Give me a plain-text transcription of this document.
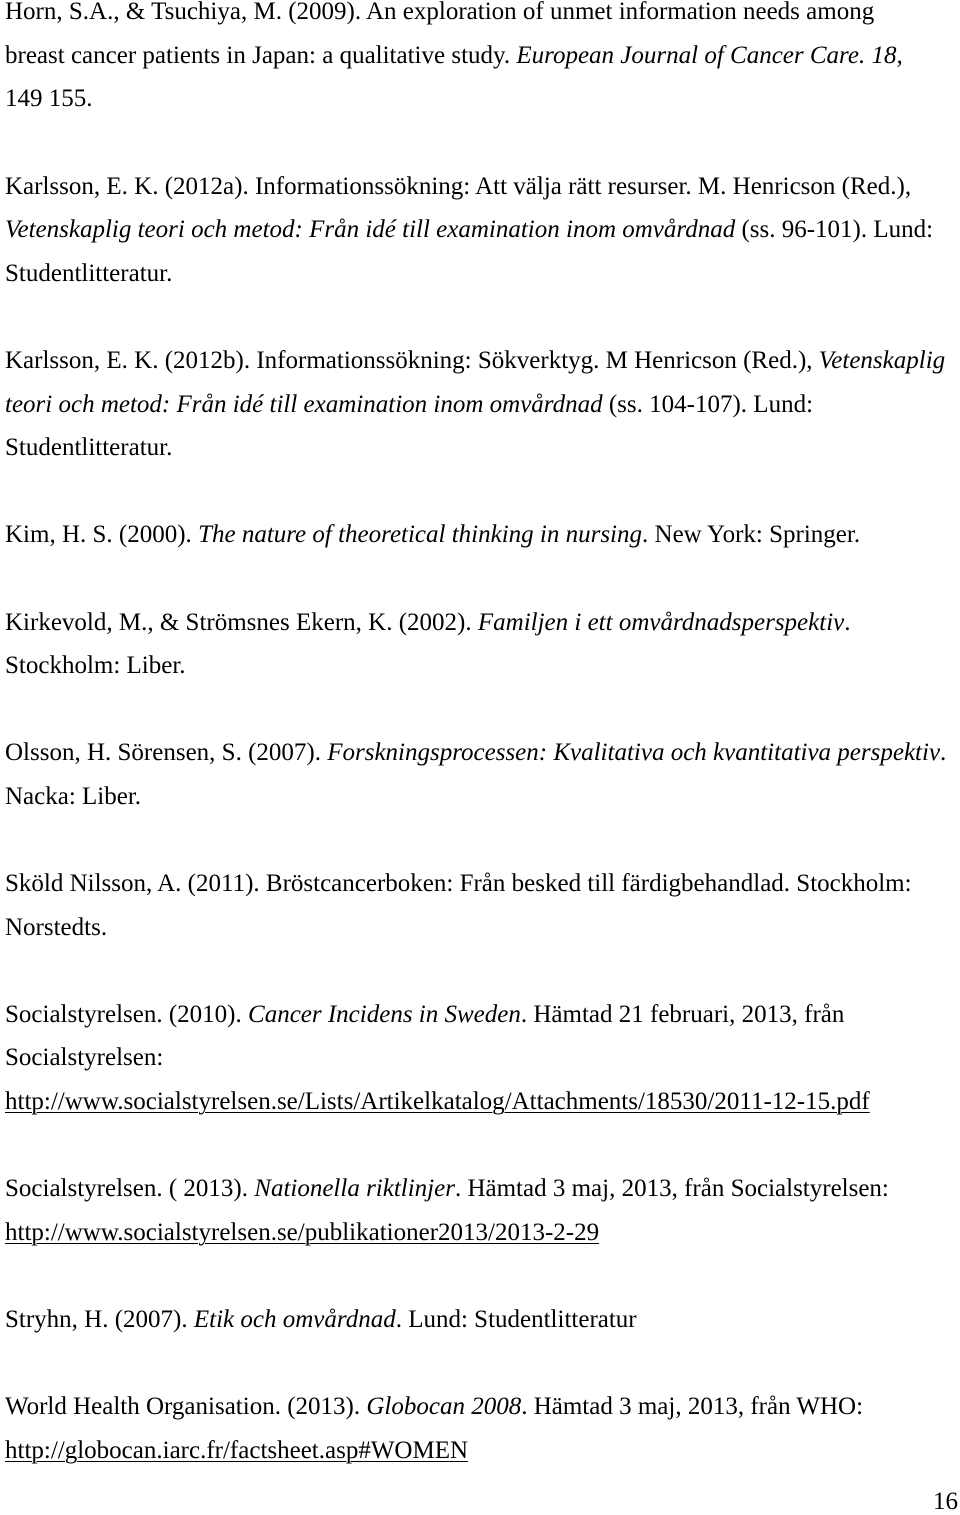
Horn, S.A., & Tsuchiya, M. (2009). An exploration of unmet information needs among
breast cancer patients in Japan: a qualitative study. European Journal of Cancer Care. 18,
149 155.
Karlsson, E. K. (2012a). Informationssökning: Att välja rätt resurser. M. Henricson (Red.),
Vetenskaplig teori och metod: Från idé till examination inom omvårdnad (ss. 96-101). Lund:
Studentlitteratur.
Karlsson, E. K. (2012b). Informationssökning: Sökverktyg. M Henricson (Red.), Vetenskaplig
teori och metod: Från idé till examination inom omvårdnad (ss. 104-107). Lund:
Studentlitteratur.
Kim, H. S. (2000). The nature of theoretical thinking in nursing. New York: Springer.
Kirkevold, M., & Strömsnes Ekern, K. (2002). Familjen i ett omvårdnadsperspektiv.
Stockholm: Liber.
Olsson, H. Sörensen, S. (2007). Forskningsprocessen: Kvalitativa och kvantitativa perspektiv.
Nacka: Liber.
Sköld Nilsson, A. (2011). Bröstcancerboken: Från besked till färdigbehandlad. Stockholm:
Norstedts.
Socialstyrelsen. (2010). Cancer Incidens in Sweden. Hämtad 21 februari, 2013, från
Socialstyrelsen:
http://www.socialstyrelsen.se/Lists/Artikelkatalog/Attachments/18530/2011-12-15.pdf
Socialstyrelsen. ( 2013). Nationella riktlinjer. Hämtad 3 maj, 2013, från Socialstyrelsen:
http://www.socialstyrelsen.se/publikationer2013/2013-2-29
Stryhn, H. (2007). Etik och omvårdnad. Lund: Studentlitteratur
World Health Organisation. (2013). Globocan 2008. Hämtad 3 maj, 2013, från WHO:
http://globocan.iarc.fr/factsheet.asp#WOMEN
16
